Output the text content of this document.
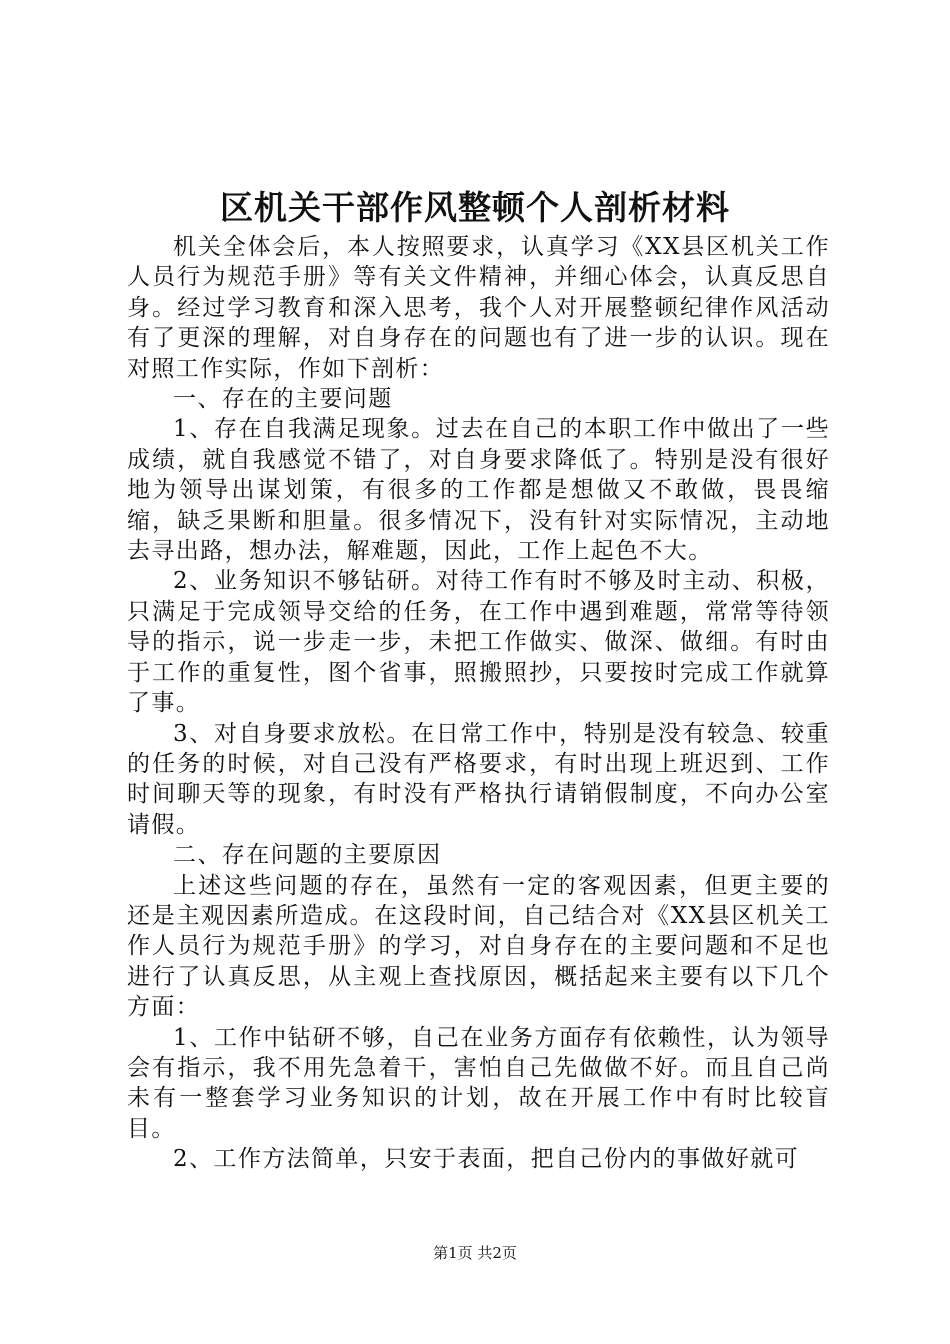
区机关干部作风整顿个人剖析材料

机关全体会后，本人按照要求，认真学习《XX县区机关工作人员行为规范手册》等有关文件精神，并细心体会，认真反思自身。经过学习教育和深入思考，我个人对开展整顿纪律作风活动有了更深的理解，对自身存在的问题也有了进一步的认识。现在对照工作实际，作如下剖析：

一、存在的主要问题

1、存在自我满足现象。过去在自己的本职工作中做出了一些成绩，就自我感觉不错了，对自身要求降低了。特别是没有很好地为领导出谋划策，有很多的工作都是想做又不敢做，畏畏缩缩，缺乏果断和胆量。很多情况下，没有针对实际情况，主动地去寻出路，想办法，解难题，因此，工作上起色不大。

2、业务知识不够钻研。对待工作有时不够及时主动、积极，只满足于完成领导交给的任务，在工作中遇到难题，常常等待领导的指示，说一步走一步，未把工作做实、做深、做细。有时由于工作的重复性，图个省事，照搬照抄，只要按时完成工作就算了事。

3、对自身要求放松。在日常工作中，特别是没有较急、较重的任务的时候，对自己没有严格要求，有时出现上班迟到、工作时间聊天等的现象，有时没有严格执行请销假制度，不向办公室请假。

二、存在问题的主要原因

上述这些问题的存在，虽然有一定的客观因素，但更主要的还是主观因素所造成。在这段时间，自己结合对《XX县区机关工作人员行为规范手册》的学习，对自身存在的主要问题和不足也进行了认真反思，从主观上查找原因，概括起来主要有以下几个方面：

1、工作中钻研不够，自己在业务方面存有依赖性，认为领导会有指示，我不用先急着干，害怕自己先做做不好。而且自己尚未有一整套学习业务知识的计划，故在开展工作中有时比较盲目。

2、工作方法简单，只安于表面，把自己份内的事做好就可

第1页 共2页
